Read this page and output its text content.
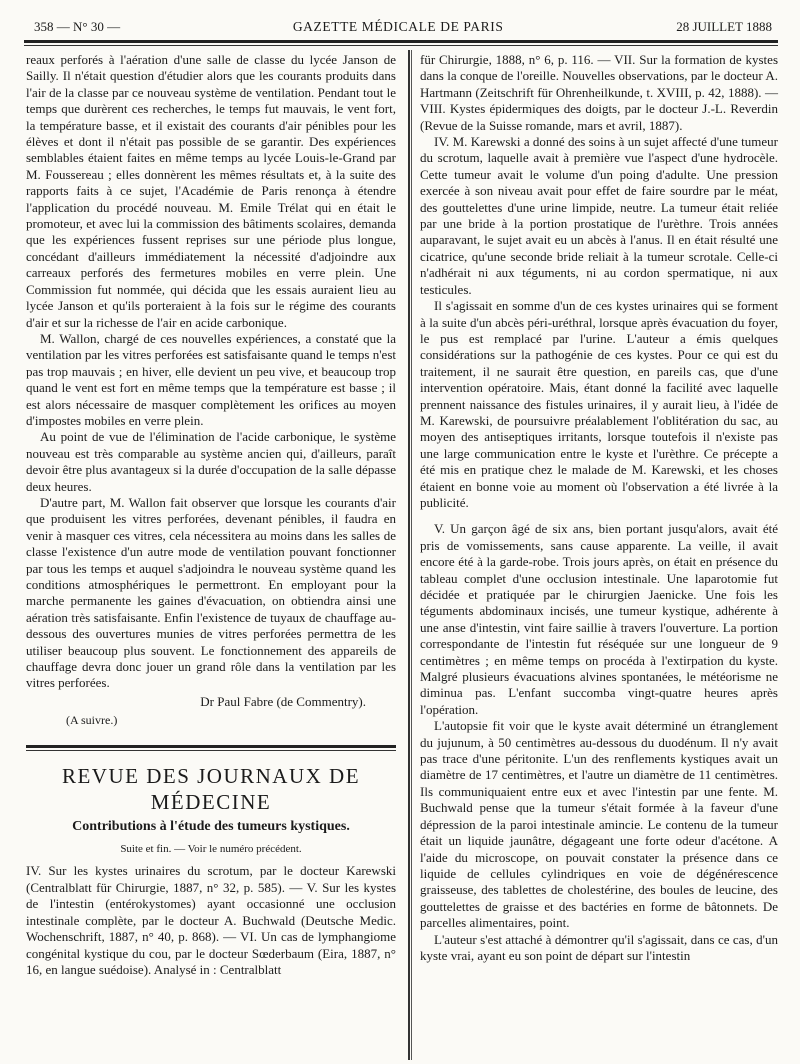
358 — N° 30 —	GAZETTE MÉDICALE DE PARIS	28 JUILLET 1888

reaux perforés à l'aération d'une salle de classe du lycée Janson de Sailly. Il n'était question d'étudier alors que les courants produits dans l'air de la classe par ce nouveau système de ventilation. Pendant tout le temps que durèrent ces recherches, le temps fut mauvais, le vent fort, la température basse, et il existait des courants d'air pénibles pour les élèves et dont il n'était pas possible de se garantir. Des expériences semblables étaient faites en même temps au lycée Louis-le-Grand par M. Foussereau ; elles donnèrent les mêmes résultats et, à la suite des rapports faits à ce sujet, l'Académie de Paris renonça à étendre l'application du procédé nouveau. M. Emile Trélat qui en était le promoteur, et avec lui la commission des bâtiments scolaires, demanda que les expériences fussent reprises sur une période plus longue, concédant d'ailleurs immédiatement la nécessité d'adjoindre aux carreaux perforés des fermetures mobiles en verre plein. Une Commission fut nommée, qui décida que les essais auraient lieu au lycée Janson et qu'ils porteraient à la fois sur le régime des courants d'air et sur la richesse de l'air en acide carbonique.

M. Wallon, chargé de ces nouvelles expériences, a constaté que la ventilation par les vitres perforées est satisfaisante quand le temps n'est pas trop mauvais ; en hiver, elle devient un peu vive, et beaucoup trop quand le vent est fort en même temps que la température est basse ; il est alors nécessaire de masquer complètement les orifices au moyen d'impostes mobiles en verre plein.

Au point de vue de l'élimination de l'acide carbonique, le système nouveau est très comparable au système ancien qui, d'ailleurs, paraît devoir être plus avantageux si la durée d'occupation de la salle dépasse deux heures.

D'autre part, M. Wallon fait observer que lorsque les courants d'air que produisent les vitres perforées, devenant pénibles, il faudra en venir à masquer ces vitres, cela nécessitera au moins dans les salles de classe l'existence d'un autre mode de ventilation pouvant fonctionner par tous les temps et auquel s'adjoindra le nouveau système quand les conditions atmosphériques le permettront. En employant pour la marche permanente les gaines d'évacuation, on obtiendra ainsi une aération très satisfaisante. Enfin l'existence de tuyaux de chauffage au-dessous des ouvertures munies de vitres perforées permettra de les utiliser beaucoup plus souvent. Le fonctionnement des appareils de chauffage devra donc jouer un grand rôle dans la ventilation par les vitres perforées.

Dr Paul Fabre (de Commentry).
(A suivre.)
REVUE DES JOURNAUX DE MÉDECINE
Contributions à l'étude des tumeurs kystiques.
Suite et fin. — Voir le numéro précédent.

IV. Sur les kystes urinaires du scrotum, par le docteur Karewski (Centralblatt für Chirurgie, 1887, n° 32, p. 585). — V. Sur les kystes de l'intestin (entérokystomes) ayant occasionné une occlusion intestinale complète, par le docteur A. Buchwald (Deutsche Medic. Wochenschrift, 1887, n° 40, p. 868). — VI. Un cas de lymphangiome congénital kystique du cou, par le docteur Sœderbaum (Eira, 1887, n° 16, en langue suédoise). Analysé in : Centralblatt

für Chirurgie, 1888, n° 6, p. 116. — VII. Sur la formation de kystes dans la conque de l'oreille. Nouvelles observations, par le docteur A. Hartmann (Zeitschrift für Ohrenheilkunde, t. XVIII, p. 42, 1888). — VIII. Kystes épidermiques des doigts, par le docteur J.-L. Reverdin (Revue de la Suisse romande, mars et avril, 1887).

IV. M. Karewski a donné des soins à un sujet affecté d'une tumeur du scrotum, laquelle avait à première vue l'aspect d'une hydrocèle. Cette tumeur avait le volume d'un poing d'adulte. Une pression exercée à son niveau avait pour effet de faire sourdre par le méat, des gouttelettes d'une urine limpide, neutre. La tumeur était reliée par une bride à la portion prostatique de l'urèthre. Trois années auparavant, le sujet avait eu un abcès à l'anus. Il en était résulté une cicatrice, qu'une seconde bride reliait à la tumeur scrotale. Celle-ci n'adhérait ni aux téguments, ni au cordon spermatique, ni aux testicules.

Il s'agissait en somme d'un de ces kystes urinaires qui se forment à la suite d'un abcès péri-uréthral, lorsque après évacuation du foyer, le pus est remplacé par l'urine. L'auteur a émis quelques considérations sur la pathogénie de ces kystes. Pour ce qui est du traitement, il ne saurait être question, en pareils cas, que d'une intervention opératoire. Mais, étant donné la facilité avec laquelle prennent naissance des fistules urinaires, il y aurait lieu, à l'idée de M. Karewski, de poursuivre préalablement l'oblitération du sac, au moyen des antiseptiques irritants, lorsque toutefois il n'existe pas une large communication entre le kyste et l'urèthre. Ce précepte a été mis en pratique chez le malade de M. Karewski, et les choses étaient en bonne voie au moment où l'observation a été livrée à la publicité.

V. Un garçon âgé de six ans, bien portant jusqu'alors, avait été pris de vomissements, sans cause apparente. La veille, il avait encore été à la garde-robe. Trois jours après, on était en présence du tableau complet d'une occlusion intestinale. Une laparotomie fut décidée et pratiquée par le chirurgien Jaenicke. Une fois les téguments abdominaux incisés, une tumeur kystique, adhérente à une anse d'intestin, vint faire saillie à travers l'ouverture. La portion correspondante de l'intestin fut réséquée sur une longueur de 9 centimètres ; en même temps on procéda à l'extirpation du kyste. Malgré plusieurs évacuations alvines spontanées, le météorisme ne diminua pas. L'enfant succomba vingt-quatre heures après l'opération.

L'autopsie fit voir que le kyste avait déterminé un étranglement du jujunum, à 50 centimètres au-dessous du duodénum. Il n'y avait pas trace d'une péritonite. L'un des renflements kystiques avait un diamètre de 17 centimètres, et l'autre un diamètre de 11 centimètres. Ils communiquaient entre eux et avec l'intestin par une fente. M. Buchwald pense que la tumeur s'était formée à la faveur d'une dépression de la paroi intestinale amincie. Le contenu de la tumeur était un liquide jaunâtre, dégageant une forte odeur d'acétone. A l'aide du microscope, on pouvait constater la présence dans ce liquide de cellules cylindriques en voie de dégénérescence graisseuse, des tablettes de cholestérine, des boules de leucine, des gouttelettes de graisse et des bactéries en forme de bâtonnets. De parcelles alimentaires, point.

L'auteur s'est attaché à démontrer qu'il s'agissait, dans ce cas, d'un kyste vrai, ayant eu son point de départ sur l'intestin
